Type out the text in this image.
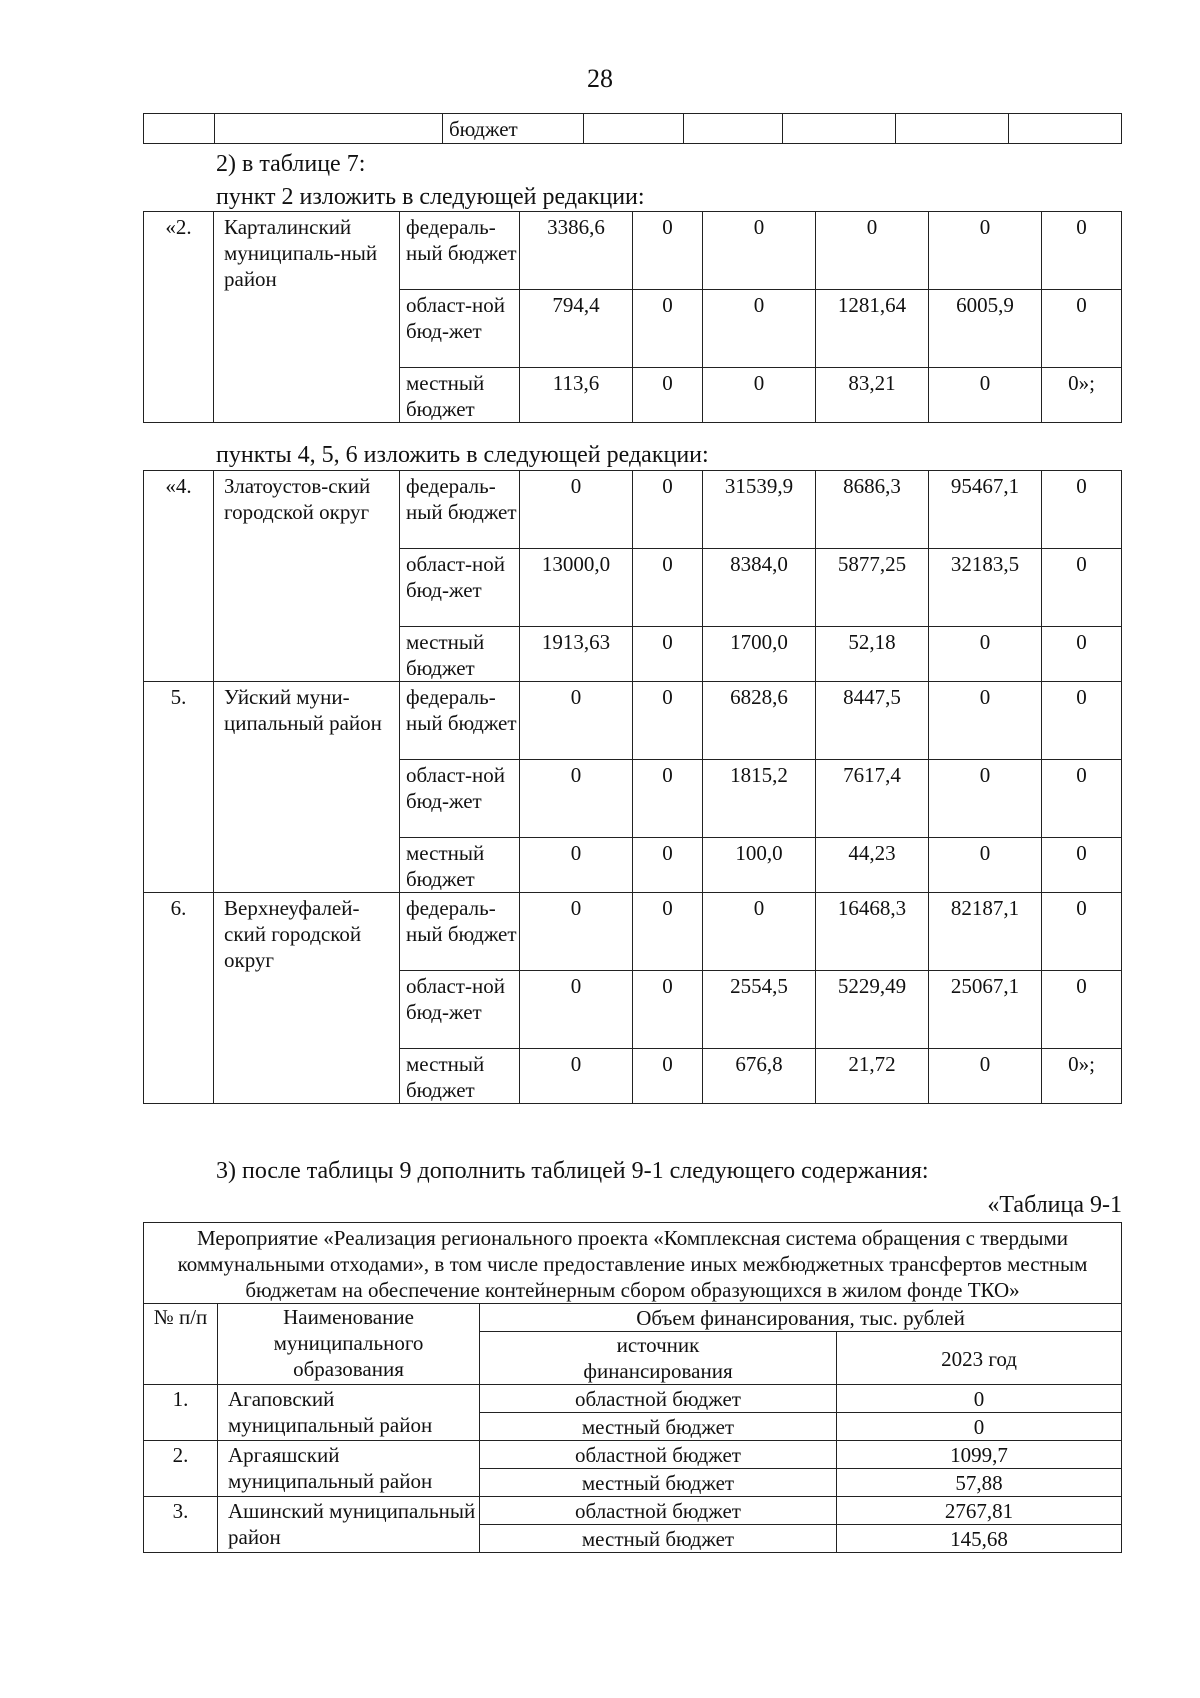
28
		бюджет					
2) в таблице 7:
пункт 2 изложить в следующей редакции:
«2.	Карталинский муниципаль-ный район	федераль-ный бюджет	3386,6	0	0	0	0	0
		област-ной бюд-жет	794,4	0	0	1281,64	6005,9	0
		местный бюджет	113,6	0	0	83,21	0	0»;
пункты 4, 5, 6 изложить в следующей редакции:
«4.	Златоустов-ский городской округ	федераль-ный бюджет	0	0	31539,9	8686,3	95467,1	0
		област-ной бюд-жет	13000,0	0	8384,0	5877,25	32183,5	0
		местный бюджет	1913,63	0	1700,0	52,18	0	0
5.	Уйский муни-ципальный район	федераль-ный бюджет	0	0	6828,6	8447,5	0	0
		област-ной бюд-жет	0	0	1815,2	7617,4	0	0
		местный бюджет	0	0	100,0	44,23	0	0
6.	Верхнеуфалей-ский городской округ	федераль-ный бюджет	0	0	0	16468,3	82187,1	0
		област-ной бюд-жет	0	0	2554,5	5229,49	25067,1	0
		местный бюджет	0	0	676,8	21,72	0	0»;
3) после таблицы 9 дополнить таблицей 9-1 следующего содержания:
«Таблица 9-1
Мероприятие «Реализация регионального проекта «Комплексная система обращения с твердыми коммунальными отходами», в том числе предоставление иных межбюджетных трансфертов местным бюджетам на обеспечение контейнерным сбором образующихся в жилом фонде ТКО»			
№ п/п	Наименование муниципального образования	Объем финансирования, тыс. рублей	
		источник финансирования	2023 год
1.	Агаповский муниципальный район	областной бюджет	0
		местный бюджет	0
2.	Аргаяшский муниципальный район	областной бюджет	1099,7
		местный бюджет	57,88
3.	Ашинский муниципальный район	областной бюджет	2767,81
		местный бюджет	145,68
